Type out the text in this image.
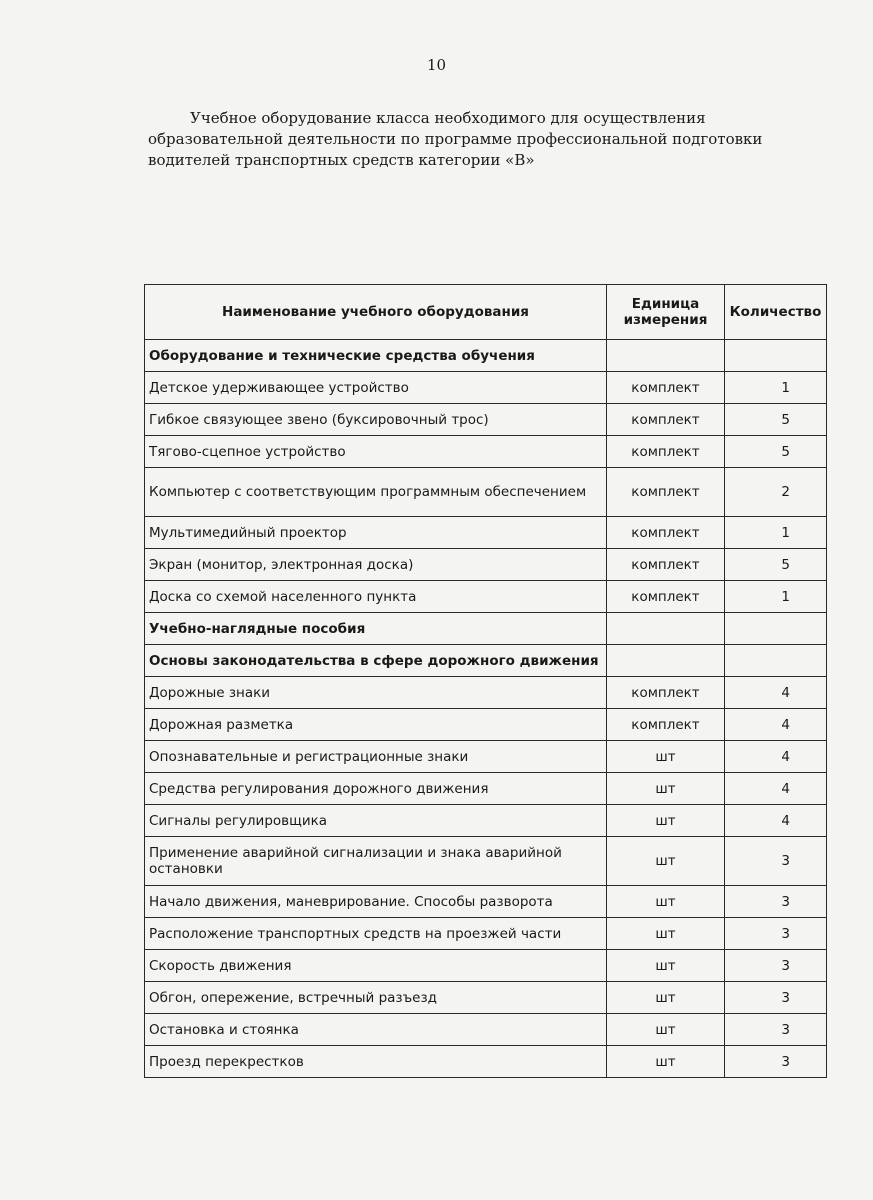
10
Учебное оборудование класса необходимого для осуществления
образовательной деятельности по программе профессиональной подготовки
водителей транспортных средств категории «В»
Наименование учебного оборудования	Единица измерения	Количество
Оборудование и технические средства обучения		
Детское удерживающее устройство	комплект	1
Гибкое связующее звено (буксировочный трос)	комплект	5
Тягово-сцепное устройство	комплект	5
Компьютер с соответствующим программным обеспечением	комплект	2
Мультимедийный проектор	комплект	1
Экран (монитор, электронная доска)	комплект	5
Доска со схемой населенного пункта	комплект	1
Учебно-наглядные пособия		
Основы законодательства в сфере дорожного движения		
Дорожные знаки	комплект	4
Дорожная разметка	комплект	4
Опознавательные и регистрационные знаки	шт	4
Средства регулирования дорожного движения	шт	4
Сигналы регулировщика	шт	4
Применение аварийной сигнализации и знака аварийной остановки	шт	3
Начало движения, маневрирование. Способы разворота	шт	3
Расположение транспортных средств на проезжей части	шт	3
Скорость движения	шт	3
Обгон, опережение, встречный разъезд	шт	3
Остановка и стоянка	шт	3
Проезд перекрестков	шт	3
